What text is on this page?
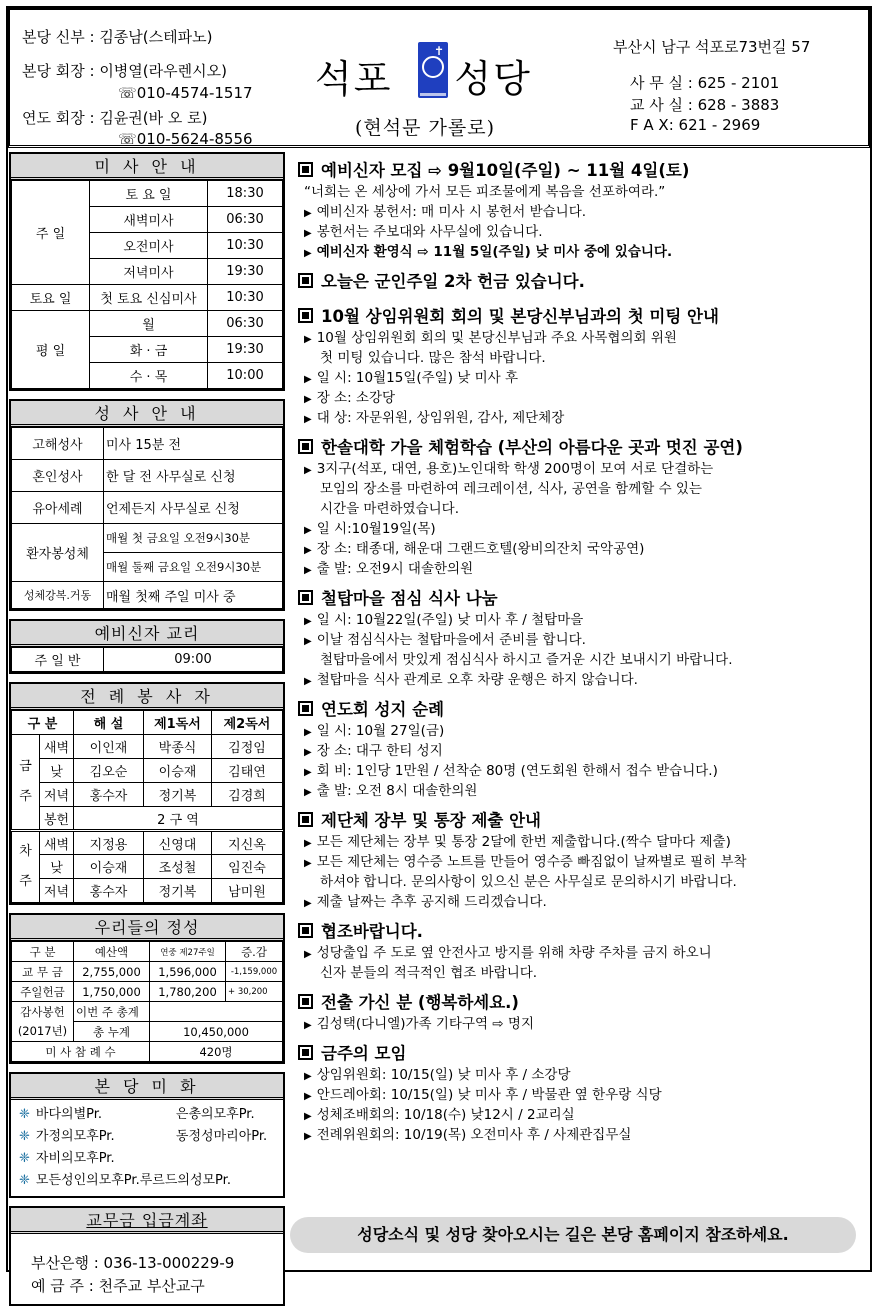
본당 신부 : 김종남(스테파노)
본당 회장 : 이병열(라우렌시오)
☏010-4574-1517
연도 회장 : 김윤권(바 오 로)
☏010-5624-8556
석포 성당
✝
(현석문 가롤로)
부산시 남구 석포로73번길 57
사 무 실 : 625 - 2101
교 사 실 : 628 - 3883
F A X: 621 - 2969
미 사 안 내
주 일	토 요 일	18:30
	새벽미사	06:30
	오전미사	10:30
	저녁미사	19:30
토요 일	첫 토요 신심미사	10:30
평 일	월	06:30
	화 · 금	19:30
	수 · 목	10:00
성 사 안 내
고해성사	미사 15분 전
혼인성사	한 달 전 사무실로 신청
유아세례	언제든지 사무실로 신청
환자봉성체	매월 첫 금요일 오전9시30분
	매월 둘째 금요일 오전9시30분
성체강복.거동	매월 첫째 주일 미사 중
예비신자 교리
주 일 반	09:00
전 례 봉 사 자
구 분		해 설	제1독서	제2독서
금
주	새벽	이인재	박종식	김정임
	낮	김오순	이승재	김태연
	저녁	홍수자	정기복	김경희
	봉헌	2 구 역		
차
주	새벽	지정용	신영대	지신옥
	낮	이승재	조성철	임진숙
	저녁	홍수자	정기복	남미원
우리들의 정성
구 분	예산액	연중 제27주일	증.감
교 무 금	2,755,000	1,596,000	-1,159,000
주일헌금	1,750,000	1,780,200	+ 30,200
감사봉헌	이번 주 총계		
(2017년)	총 누계	10,450,000	
미 사 참 례 수		420명	
본 당 미 화
❈ 바다의별Pr.	은총의모후Pr.
❈ 가정의모후Pr.	동정성마리아Pr.
❈ 자비의모후Pr.
❈ 모든성인의모후Pr.루르드의성모Pr.
교무금 입금계좌
부산은행 : 036-13-000229-9
예 금 주 : 천주교 부산교구
예비신자 모집 ⇨ 9월10일(주일) ~ 11월 4일(토)
“너희는 온 세상에 가서 모든 피조물에게 복음을 선포하여라.”
▶ 예비신자 봉헌서: 매 미사 시 봉헌서 받습니다.
▶ 봉헌서는 주보대와 사무실에 있습니다.
▶ 예비신자 환영식 ⇨ 11월 5일(주일) 낮 미사 중에 있습니다.
오늘은 군인주일 2차 헌금 있습니다.
10월 상임위원회 회의 및 본당신부님과의 첫 미팅 안내
▶ 10월 상임위원회 회의 및 본당신부님과 주요 사목협의회 위원
첫 미팅 있습니다. 많은 참석 바랍니다.
▶ 일 시: 10월15일(주일) 낮 미사 후
▶ 장 소: 소강당
▶ 대 상: 자문위원, 상임위원, 감사, 제단체장
한솔대학 가을 체험학습 (부산의 아름다운 곳과 멋진 공연)
▶ 3지구(석포, 대연, 용호)노인대학 학생 200명이 모여 서로 단결하는
모임의 장소를 마련하여 레크레이션, 식사, 공연을 함께할 수 있는
시간을 마련하였습니다.
▶ 일 시:10월19일(목)
▶ 장 소: 태종대, 해운대 그랜드호텔(왕비의잔치 국악공연)
▶ 출 발: 오전9시 대솔한의원
철탑마을 점심 식사 나눔
▶ 일 시: 10월22일(주일) 낮 미사 후 / 철탑마을
▶ 이날 점심식사는 철탑마을에서 준비를 합니다.
철탑마을에서 맛있게 점심식사 하시고 즐거운 시간 보내시기 바랍니다.
▶ 철탑마을 식사 관계로 오후 차량 운행은 하지 않습니다.
연도회 성지 순례
▶ 일 시: 10월 27일(금)
▶ 장 소: 대구 한티 성지
▶ 회 비: 1인당 1만원 / 선착순 80명 (연도회원 한해서 접수 받습니다.)
▶ 출 발: 오전 8시 대솔한의원
제단체 장부 및 통장 제출 안내
▶ 모든 제단체는 장부 및 통장 2달에 한번 제출합니다.(짝수 달마다 제출)
▶ 모든 제단체는 영수증 노트를 만들어 영수증 빠짐없이 날짜별로 필히 부착
하셔야 합니다. 문의사항이 있으신 분은 사무실로 문의하시기 바랍니다.
▶ 제출 날짜는 추후 공지해 드리겠습니다.
협조바랍니다.
▶ 성당출입 주 도로 옆 안전사고 방지를 위해 차량 주차를 금지 하오니
신자 분들의 적극적인 협조 바랍니다.
전출 가신 분 (행복하세요.)
▶ 김성택(다니엘)가족 기타구역 ⇨ 명지
금주의 모임
▶ 상임위원회: 10/15(일) 낮 미사 후 / 소강당
▶ 안드레아회: 10/15(일) 낮 미사 후 / 박물관 옆 한우랑 식당
▶ 성체조배회의: 10/18(수) 낮12시 / 2교리실
▶ 전례위원회의: 10/19(목) 오전미사 후 / 사제관집무실
성당소식 및 성당 찾아오시는 길은 본당 홈페이지 참조하세요.
